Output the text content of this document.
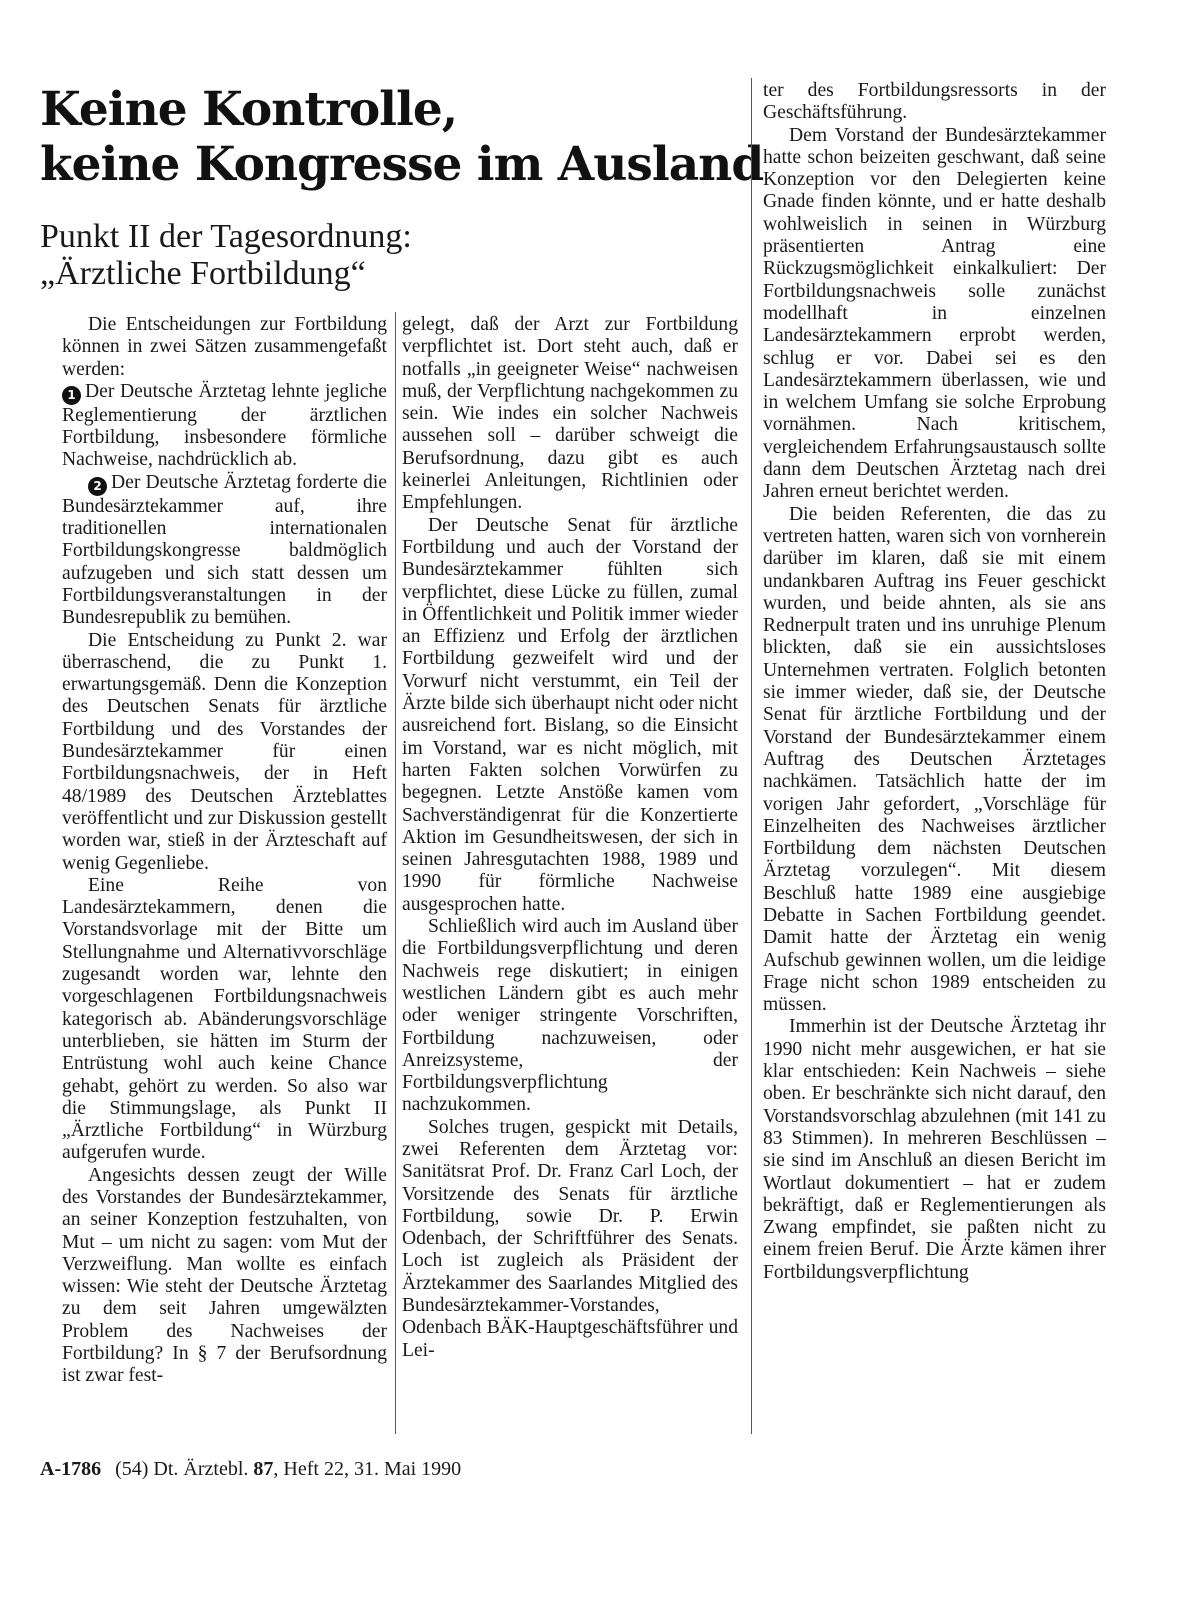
Keine Kontrolle,
keine Kongresse im Ausland
Punkt II der Tagesordnung:
„Ärztliche Fortbildung“

Die Entscheidungen zur Fortbildung können in zwei Sätzen zusammengefaßt werden:

1 Der Deutsche Ärztetag lehnte jegliche Reglementierung der ärztlichen Fortbildung, insbesondere förmliche Nachweise, nachdrücklich ab.

2 Der Deutsche Ärztetag forderte die Bundesärztekammer auf, ihre traditionellen internationalen Fortbildungskongresse baldmöglich aufzugeben und sich statt dessen um Fortbildungsveranstaltungen in der Bundesrepublik zu bemühen.

Die Entscheidung zu Punkt 2. war überraschend, die zu Punkt 1. erwartungsgemäß. Denn die Konzeption des Deutschen Senats für ärztliche Fortbildung und des Vorstandes der Bundesärztekammer für einen Fortbildungsnachweis, der in Heft 48/1989 des Deutschen Ärzteblattes veröffentlicht und zur Diskussion gestellt worden war, stieß in der Ärzteschaft auf wenig Gegenliebe.

Eine Reihe von Landesärztekammern, denen die Vorstandsvorlage mit der Bitte um Stellungnahme und Alternativvorschläge zugesandt worden war, lehnte den vorgeschlagenen Fortbildungsnachweis kategorisch ab. Abänderungsvorschläge unterblieben, sie hätten im Sturm der Entrüstung wohl auch keine Chance gehabt, gehört zu werden. So also war die Stimmungslage, als Punkt II „Ärztliche Fortbildung“ in Würzburg aufgerufen wurde.

Angesichts dessen zeugt der Wille des Vorstandes der Bundesärztekammer, an seiner Konzeption festzuhalten, von Mut – um nicht zu sagen: vom Mut der Verzweiflung. Man wollte es einfach wissen: Wie steht der Deutsche Ärztetag zu dem seit Jahren umgewälzten Problem des Nachweises der Fortbildung? In § 7 der Berufsordnung ist zwar fest-

gelegt, daß der Arzt zur Fortbildung verpflichtet ist. Dort steht auch, daß er notfalls „in geeigneter Weise“ nachweisen muß, der Verpflichtung nachgekommen zu sein. Wie indes ein solcher Nachweis aussehen soll – darüber schweigt die Berufsordnung, dazu gibt es auch keinerlei Anleitungen, Richtlinien oder Empfehlungen.

Der Deutsche Senat für ärztliche Fortbildung und auch der Vorstand der Bundesärztekammer fühlten sich verpflichtet, diese Lücke zu füllen, zumal in Öffentlichkeit und Politik immer wieder an Effizienz und Erfolg der ärztlichen Fortbildung gezweifelt wird und der Vorwurf nicht verstummt, ein Teil der Ärzte bilde sich überhaupt nicht oder nicht ausreichend fort. Bislang, so die Einsicht im Vorstand, war es nicht möglich, mit harten Fakten solchen Vorwürfen zu begegnen. Letzte Anstöße kamen vom Sachverständigenrat für die Konzertierte Aktion im Gesundheitswesen, der sich in seinen Jahresgutachten 1988, 1989 und 1990 für förmliche Nachweise ausgesprochen hatte.

Schließlich wird auch im Ausland über die Fortbildungsverpflichtung und deren Nachweis rege diskutiert; in einigen westlichen Ländern gibt es auch mehr oder weniger stringente Vorschriften, Fortbildung nachzuweisen, oder Anreizsysteme, der Fortbildungsverpflichtung nachzukommen.

Solches trugen, gespickt mit Details, zwei Referenten dem Ärztetag vor: Sanitätsrat Prof. Dr. Franz Carl Loch, der Vorsitzende des Senats für ärztliche Fortbildung, sowie Dr. P. Erwin Odenbach, der Schriftführer des Senats. Loch ist zugleich als Präsident der Ärztekammer des Saarlandes Mitglied des Bundesärztekammer-Vorstandes, Odenbach BÄK-Hauptgeschäftsführer und Lei-

ter des Fortbildungsressorts in der Geschäftsführung.

Dem Vorstand der Bundesärztekammer hatte schon beizeiten geschwant, daß seine Konzeption vor den Delegierten keine Gnade finden könnte, und er hatte deshalb wohlweislich in seinen in Würzburg präsentierten Antrag eine Rückzugsmöglichkeit einkalkuliert: Der Fortbildungsnachweis solle zunächst modellhaft in einzelnen Landesärztekammern erprobt werden, schlug er vor. Dabei sei es den Landesärztekammern überlassen, wie und in welchem Umfang sie solche Erprobung vornähmen. Nach kritischem, vergleichendem Erfahrungsaustausch sollte dann dem Deutschen Ärztetag nach drei Jahren erneut berichtet werden.

Die beiden Referenten, die das zu vertreten hatten, waren sich von vornherein darüber im klaren, daß sie mit einem undankbaren Auftrag ins Feuer geschickt wurden, und beide ahnten, als sie ans Rednerpult traten und ins unruhige Plenum blickten, daß sie ein aussichtsloses Unternehmen vertraten. Folglich betonten sie immer wieder, daß sie, der Deutsche Senat für ärztliche Fortbildung und der Vorstand der Bundesärztekammer einem Auftrag des Deutschen Ärztetages nachkämen. Tatsächlich hatte der im vorigen Jahr gefordert, „Vorschläge für Einzelheiten des Nachweises ärztlicher Fortbildung dem nächsten Deutschen Ärztetag vorzulegen“. Mit diesem Beschluß hatte 1989 eine ausgiebige Debatte in Sachen Fortbildung geendet. Damit hatte der Ärztetag ein wenig Aufschub gewinnen wollen, um die leidige Frage nicht schon 1989 entscheiden zu müssen.

Immerhin ist der Deutsche Ärztetag ihr 1990 nicht mehr ausgewichen, er hat sie klar entschieden: Kein Nachweis – siehe oben. Er beschränkte sich nicht darauf, den Vorstandsvorschlag abzulehnen (mit 141 zu 83 Stimmen). In mehreren Beschlüssen – sie sind im Anschluß an diesen Bericht im Wortlaut dokumentiert – hat er zudem bekräftigt, daß er Reglementierungen als Zwang empfindet, sie paßten nicht zu einem freien Beruf. Die Ärzte kämen ihrer Fortbildungsverpflichtung

A-1786 (54) Dt. Ärztebl. 87, Heft 22, 31. Mai 1990
